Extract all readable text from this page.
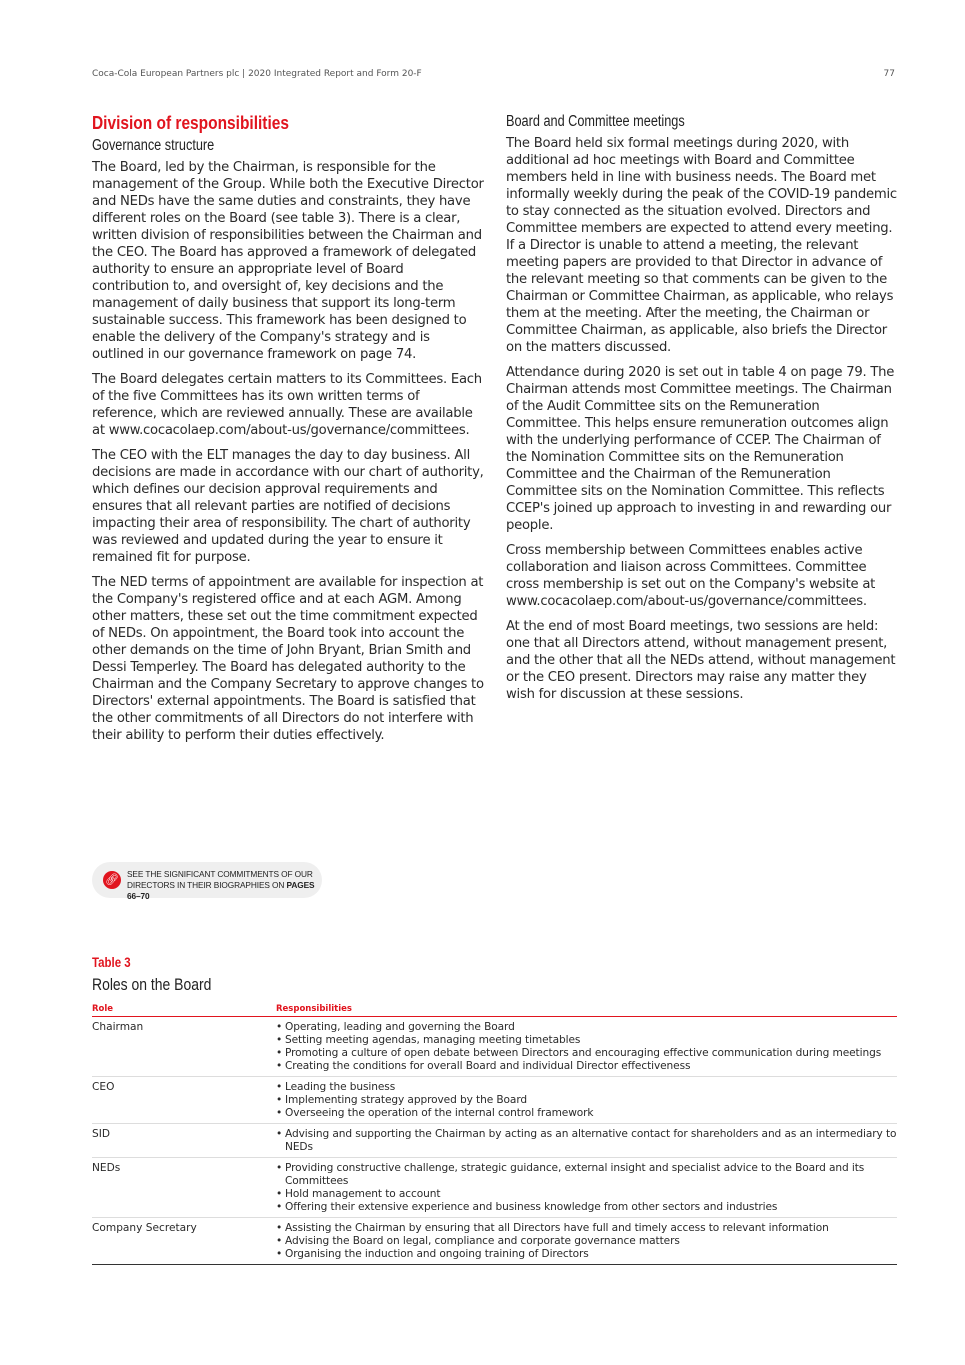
Coca-Cola European Partners plc | 2020 Integrated Report and Form 20-F	77
Division of responsibilities
Governance structure

The Board, led by the Chairman, is responsible for the management of the Group. While both the Executive Director and NEDs have the same duties and constraints, they have different roles on the Board (see table 3). There is a clear, written division of responsibilities between the Chairman and the CEO. The Board has approved a framework of delegated authority to ensure an appropriate level of Board contribution to, and oversight of, key decisions and the management of daily business that support its long-term sustainable success. This framework has been designed to enable the delivery of the Company's strategy and is outlined in our governance framework on page 74.

The Board delegates certain matters to its Committees. Each of the five Committees has its own written terms of reference, which are reviewed annually. These are available at www.cocacolaep.com/about-us/governance/committees.

The CEO with the ELT manages the day to day business. All decisions are made in accordance with our chart of authority, which defines our decision approval requirements and ensures that all relevant parties are notified of decisions impacting their area of responsibility. The chart of authority was reviewed and updated during the year to ensure it remained fit for purpose.

The NED terms of appointment are available for inspection at the Company's registered office and at each AGM. Among other matters, these set out the time commitment expected of NEDs. On appointment, the Board took into account the other demands on the time of John Bryant, Brian Smith and Dessi Temperley. The Board has delegated authority to the Chairman and the Company Secretary to approve changes to Directors' external appointments. The Board is satisfied that the other commitments of all Directors do not interfere with their ability to perform their duties effectively.

Board and Committee meetings

The Board held six formal meetings during 2020, with additional ad hoc meetings with Board and Committee members held in line with business needs. The Board met informally weekly during the peak of the COVID-19 pandemic to stay connected as the situation evolved. Directors and Committee members are expected to attend every meeting. If a Director is unable to attend a meeting, the relevant meeting papers are provided to that Director in advance of the relevant meeting so that comments can be given to the Chairman or Committee Chairman, as applicable, who relays them at the meeting. After the meeting, the Chairman or Committee Chairman, as applicable, also briefs the Director on the matters discussed.

Attendance during 2020 is set out in table 4 on page 79. The Chairman attends most Committee meetings. The Chairman of the Audit Committee sits on the Remuneration Committee. This helps ensure remuneration outcomes align with the underlying performance of CCEP. The Chairman of the Nomination Committee sits on the Remuneration Committee and the Chairman of the Remuneration Committee sits on the Nomination Committee. This reflects CCEP's joined up approach to investing in and rewarding our people.

Cross membership between Committees enables active collaboration and liaison across Committees. Committee cross membership is set out on the Company's website at www.cocacolaep.com/about-us/governance/committees.

At the end of most Board meetings, two sessions are held: one that all Directors attend, without management present, and the other that all the NEDs attend, without management or the CEO present. Directors may raise any matter they wish for discussion at these sessions.

🔗︎ SEE THE SIGNIFICANT COMMITMENTS OF OUR
DIRECTORS IN THEIR BIOGRAPHIES ON PAGES 66–70
Table 3
Roles on the Board
Role	Responsibilities
Chairman	• Operating, leading and governing the Board
• Setting meeting agendas, managing meeting timetables
• Promoting a culture of open debate between Directors and encouraging effective communication during meetings
• Creating the conditions for overall Board and individual Director effectiveness
CEO	• Leading the business
• Implementing strategy approved by the Board
• Overseeing the operation of the internal control framework
SID	• Advising and supporting the Chairman by acting as an alternative contact for shareholders and as an intermediary to NEDs
NEDs	• Providing constructive challenge, strategic guidance, external insight and specialist advice to the Board and its Committees
• Hold management to account
• Offering their extensive experience and business knowledge from other sectors and industries
Company Secretary	• Assisting the Chairman by ensuring that all Directors have full and timely access to relevant information
• Advising the Board on legal, compliance and corporate governance matters
• Organising the induction and ongoing training of Directors
